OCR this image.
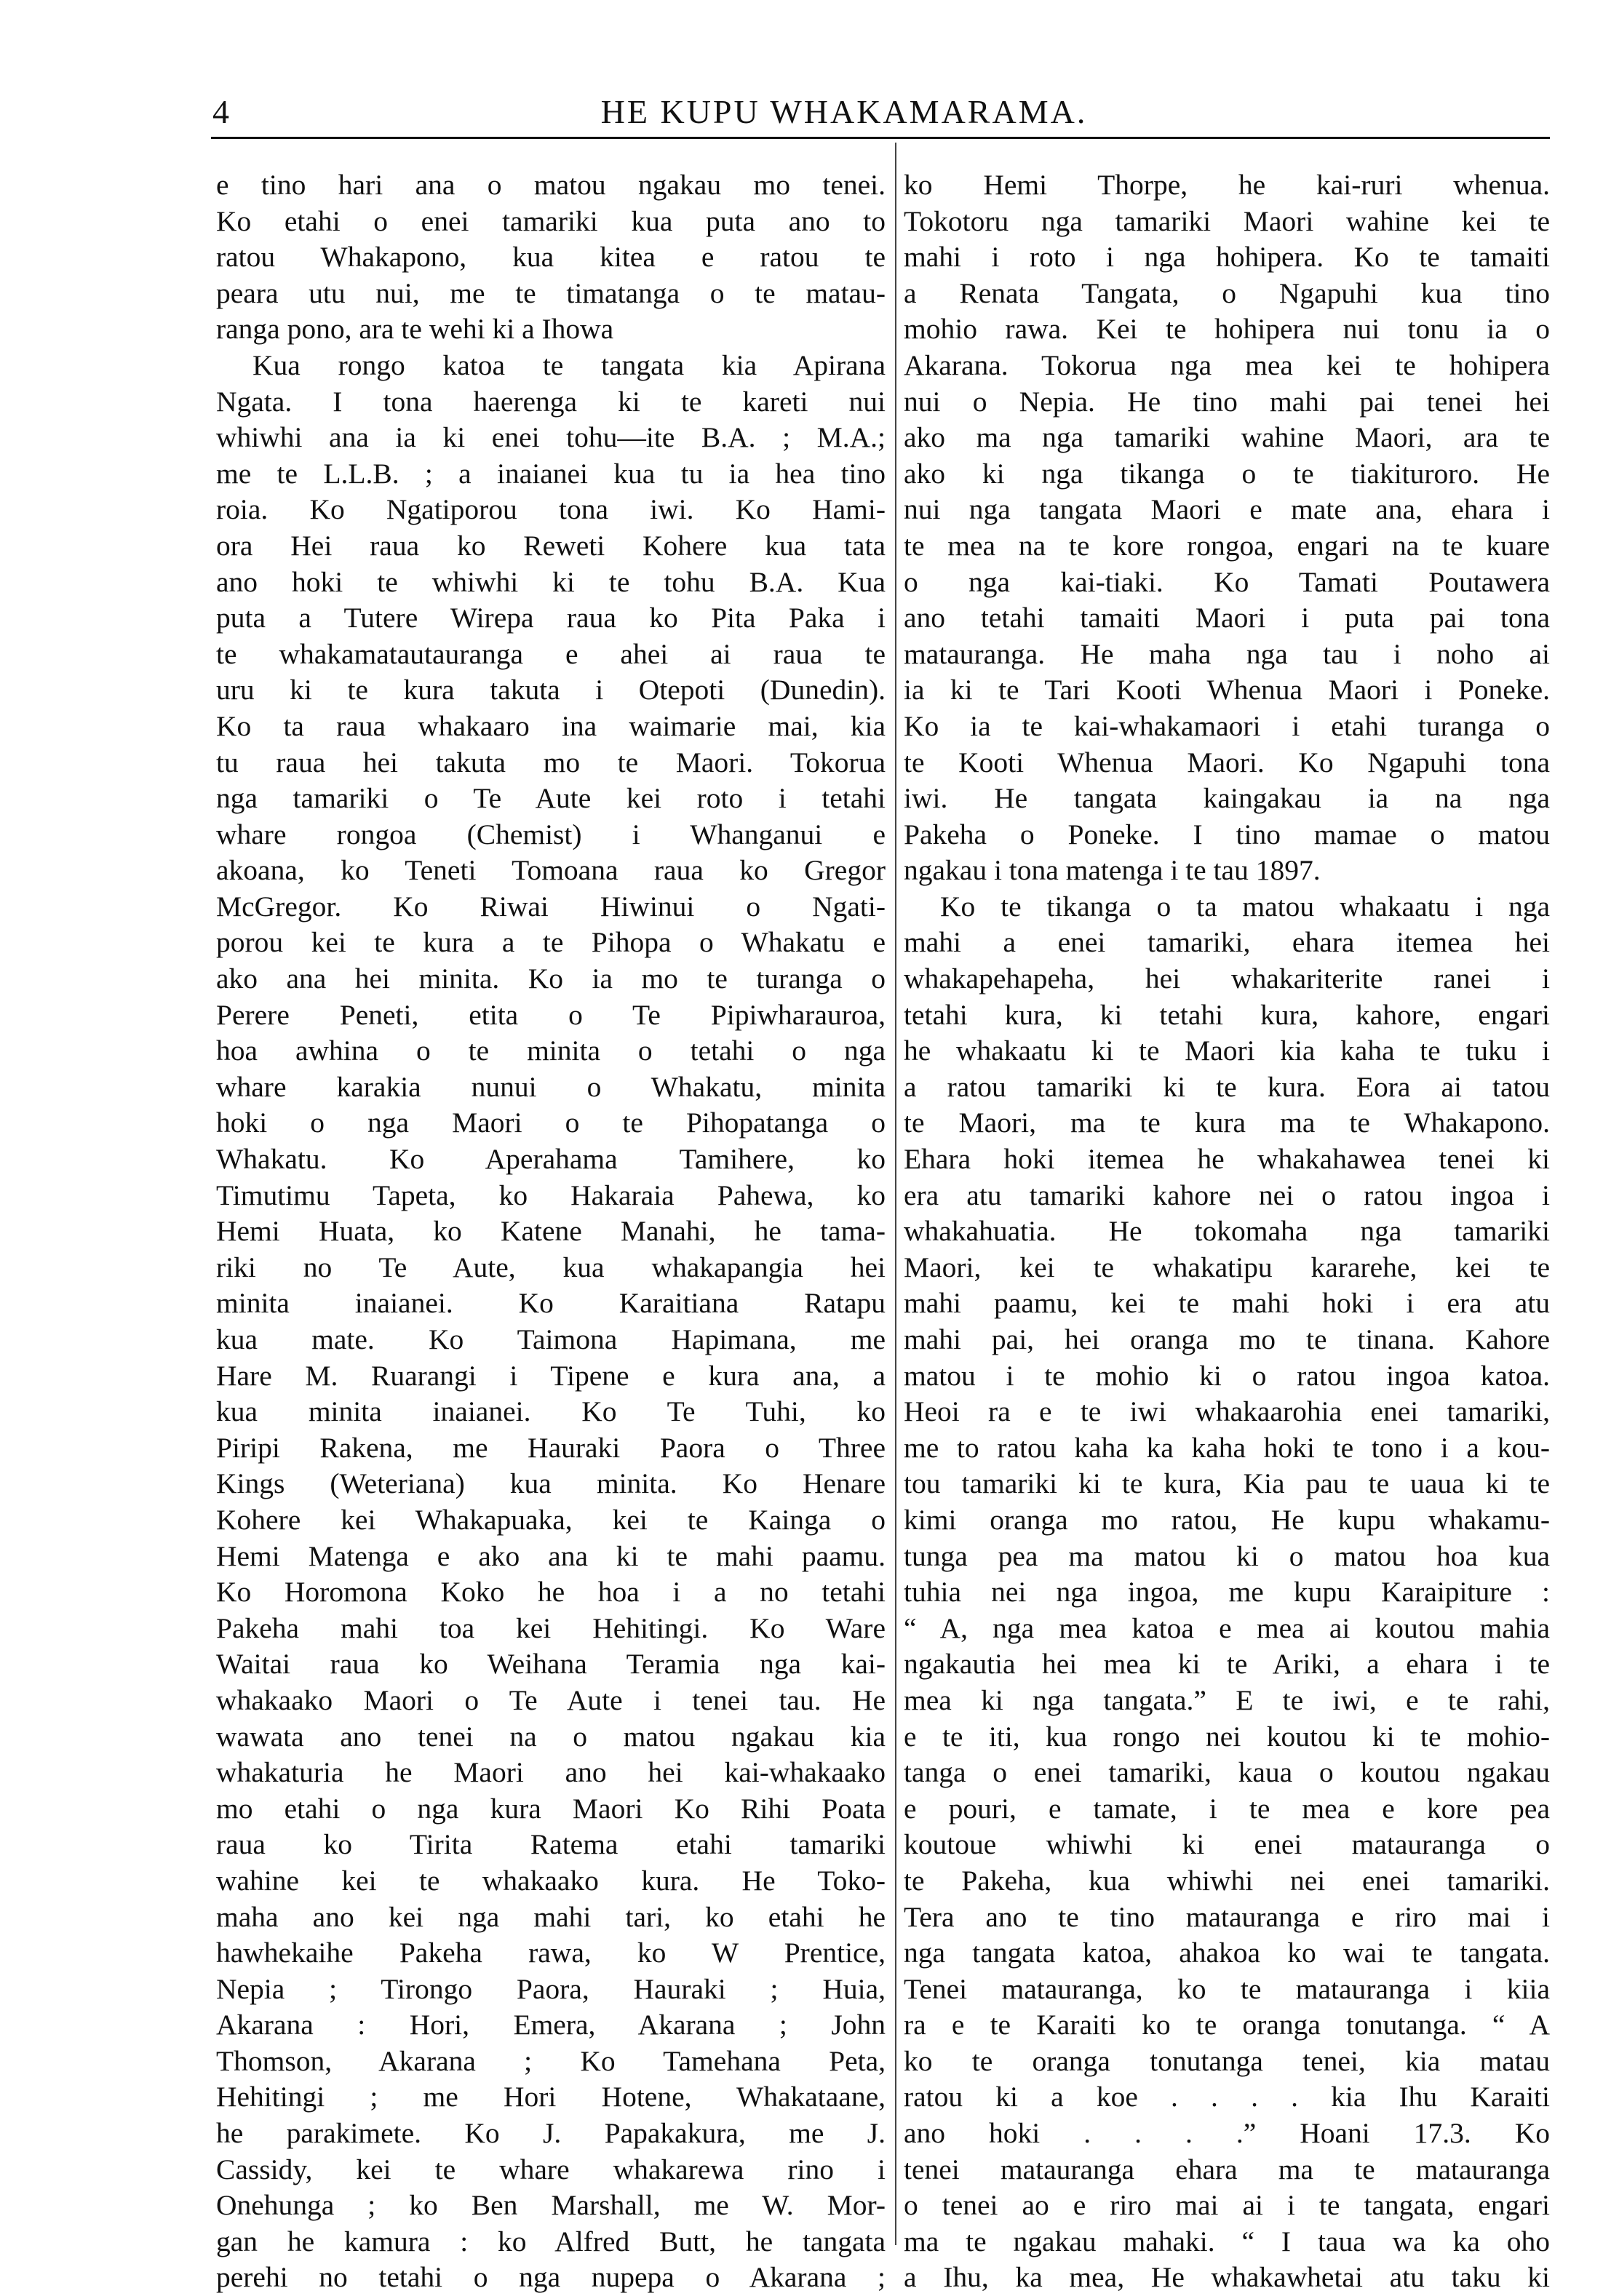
4	HE KUPU WHAKAMARAMA.
e tino hari ana o matou ngakau mo tenei.
Ko etahi o enei tamariki kua puta ano to
ratou Whakapono, kua kitea e ratou te
peara utu nui, me te timatanga o te matau-
ranga pono, ara te wehi ki a Ihowa
Kua rongo katoa te tangata kia Apirana
Ngata. I tona haerenga ki te kareti nui
whiwhi ana ia ki enei tohu—ite B.A. ; M.A.;
me te L.L.B. ; a inaianei kua tu ia hea tino
roia. Ko Ngatiporou tona iwi. Ko Hami-
ora Hei raua ko Reweti Kohere kua tata
ano hoki te whiwhi ki te tohu B.A. Kua
puta a Tutere Wirepa raua ko Pita Paka i
te whakamatautauranga e ahei ai raua te
uru ki te kura takuta i Otepoti (Dunedin).
Ko ta raua whakaaro ina waimarie mai, kia
tu raua hei takuta mo te Maori. Tokorua
nga tamariki o Te Aute kei roto i tetahi
whare rongoa (Chemist) i Whanganui e
akoana, ko Teneti Tomoana raua ko Gregor
McGregor. Ko Riwai Hiwinui o Ngati-
porou kei te kura a te Pihopa o Whakatu e
ako ana hei minita. Ko ia mo te turanga o
Perere Peneti, etita o Te Pipiwharauroa,
hoa awhina o te minita o tetahi o nga
whare karakia nunui o Whakatu, minita
hoki o nga Maori o te Pihopatanga o
Whakatu. Ko Aperahama Tamihere, ko
Timutimu Tapeta, ko Hakaraia Pahewa, ko
Hemi Huata, ko Katene Manahi, he tama-
riki no Te Aute, kua whakapangia hei
minita inaianei. Ko Karaitiana Ratapu
kua mate. Ko Taimona Hapimana, me
Hare M. Ruarangi i Tipene e kura ana, a
kua minita inaianei. Ko Te Tuhi, ko
Piripi Rakena, me Hauraki Paora o Three
Kings (Weteriana) kua minita. Ko Henare
Kohere kei Whakapuaka, kei te Kainga o
Hemi Matenga e ako ana ki te mahi paamu.
Ko Horomona Koko he hoa i a no tetahi
Pakeha mahi toa kei Hehitingi. Ko Ware
Waitai raua ko Weihana Teramia nga kai-
whakaako Maori o Te Aute i tenei tau. He
wawata ano tenei na o matou ngakau kia
whakaturia he Maori ano hei kai-whakaako
mo etahi o nga kura Maori Ko Rihi Poata
raua ko Tirita Ratema etahi tamariki
wahine kei te whakaako kura. He Toko-
maha ano kei nga mahi tari, ko etahi he
hawhekaihe Pakeha rawa, ko W Prentice,
Nepia ; Tirongo Paora, Hauraki ; Huia,
Akarana : Hori, Emera, Akarana ; John
Thomson, Akarana ; Ko Tamehana Peta,
Hehitingi ; me Hori Hotene, Whakataane,
he parakimete. Ko J. Papakakura, me J.
Cassidy, kei te whare whakarewa rino i
Onehunga ; ko Ben Marshall, me W. Mor-
gan he kamura : ko Alfred Butt, he tangata
perehi no tetahi o nga nupepa o Akarana ;
ko Hemi Thorpe, he kai-ruri whenua.
Tokotoru nga tamariki Maori wahine kei te
mahi i roto i nga hohipera. Ko te tamaiti
a Renata Tangata, o Ngapuhi kua tino
mohio rawa. Kei te hohipera nui tonu ia o
Akarana. Tokorua nga mea kei te hohipera
nui o Nepia. He tino mahi pai tenei hei
ako ma nga tamariki wahine Maori, ara te
ako ki nga tikanga o te tiakituroro. He
nui nga tangata Maori e mate ana, ehara i
te mea na te kore rongoa, engari na te kuare
o nga kai-tiaki. Ko Tamati Poutawera
ano tetahi tamaiti Maori i puta pai tona
matauranga. He maha nga tau i noho ai
ia ki te Tari Kooti Whenua Maori i Poneke.
Ko ia te kai-whakamaori i etahi turanga o
te Kooti Whenua Maori. Ko Ngapuhi tona
iwi. He tangata kaingakau ia na nga
Pakeha o Poneke. I tino mamae o matou
ngakau i tona matenga i te tau 1897.
Ko te tikanga o ta matou whakaatu i nga
mahi a enei tamariki, ehara itemea hei
whakapehapeha, hei whakariterite ranei i
tetahi kura, ki tetahi kura, kahore, engari
he whakaatu ki te Maori kia kaha te tuku i
a ratou tamariki ki te kura. Eora ai tatou
te Maori, ma te kura ma te Whakapono.
Ehara hoki itemea he whakahawea tenei ki
era atu tamariki kahore nei o ratou ingoa i
whakahuatia. He tokomaha nga tamariki
Maori, kei te whakatipu kararehe, kei te
mahi paamu, kei te mahi hoki i era atu
mahi pai, hei oranga mo te tinana. Kahore
matou i te mohio ki o ratou ingoa katoa.
Heoi ra e te iwi whakaarohia enei tamariki,
me to ratou kaha ka kaha hoki te tono i a kou-
tou tamariki ki te kura, Kia pau te uaua ki te
kimi oranga mo ratou, He kupu whakamu-
tunga pea ma matou ki o matou hoa kua
tuhia nei nga ingoa, me kupu Karaipiture :
“ A, nga mea katoa e mea ai koutou mahia
ngakautia hei mea ki te Ariki, a ehara i te
mea ki nga tangata.” E te iwi, e te rahi,
e te iti, kua rongo nei koutou ki te mohio-
tanga o enei tamariki, kaua o koutou ngakau
e pouri, e tamate, i te mea e kore pea
koutoue whiwhi ki enei matauranga o
te Pakeha, kua whiwhi nei enei tamariki.
Tera ano te tino matauranga e riro mai i
nga tangata katoa, ahakoa ko wai te tangata.
Tenei matauranga, ko te matauranga i kiia
ra e te Karaiti ko te oranga tonutanga. “ A
ko te oranga tonutanga tenei, kia matau
ratou ki a koe . . . . kia Ihu Karaiti
ano hoki . . . .” Hoani 17.3. Ko
tenei matauranga ehara ma te matauranga
o tenei ao e riro mai ai i te tangata, engari
ma te ngakau mahaki. “ I taua wa ka oho
a Ihu, ka mea, He whakawhetai atu taku ki
